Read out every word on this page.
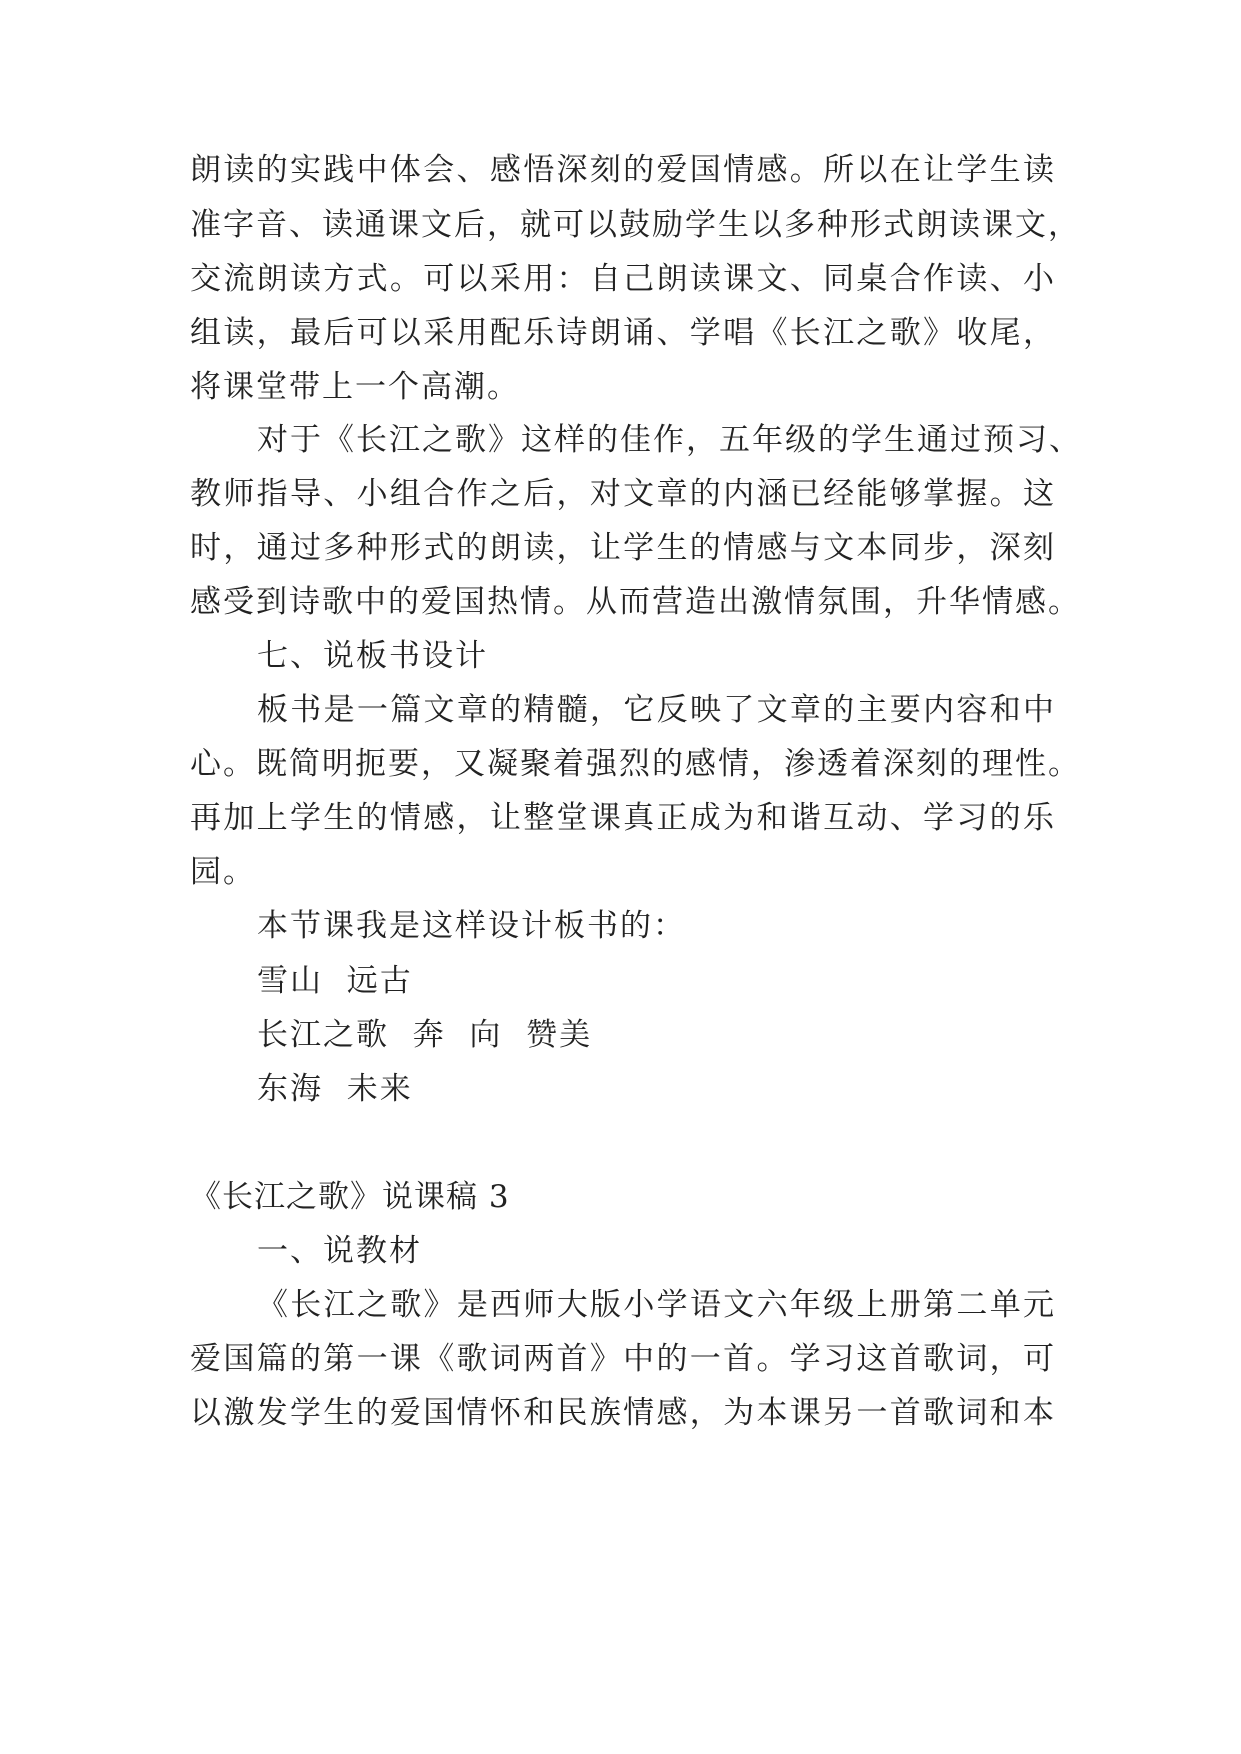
朗读的实践中体会、感悟深刻的爱国情感。所以在让学生读
准字音、读通课文后，就可以鼓励学生以多种形式朗读课文，
交流朗读方式。可以采用：自己朗读课文、同桌合作读、小
组读，最后可以采用配乐诗朗诵、学唱《长江之歌》收尾，
将课堂带上一个高潮。
对于《长江之歌》这样的佳作，五年级的学生通过预习、
教师指导、小组合作之后，对文章的内涵已经能够掌握。这
时，通过多种形式的朗读，让学生的情感与文本同步，深刻
感受到诗歌中的爱国热情。从而营造出激情氛围，升华情感。
七、说板书设计
板书是一篇文章的精髓，它反映了文章的主要内容和中
心。既简明扼要，又凝聚着强烈的感情，渗透着深刻的理性。
再加上学生的情感，让整堂课真正成为和谐互动、学习的乐
园。
本节课我是这样设计板书的：
雪山  远古
长江之歌  奔  向  赞美
东海  未来
《长江之歌》说课稿 3
一、说教材
《长江之歌》是西师大版小学语文六年级上册第二单元
爱国篇的第一课《歌词两首》中的一首。学习这首歌词，可
以激发学生的爱国情怀和民族情感，为本课另一首歌词和本
